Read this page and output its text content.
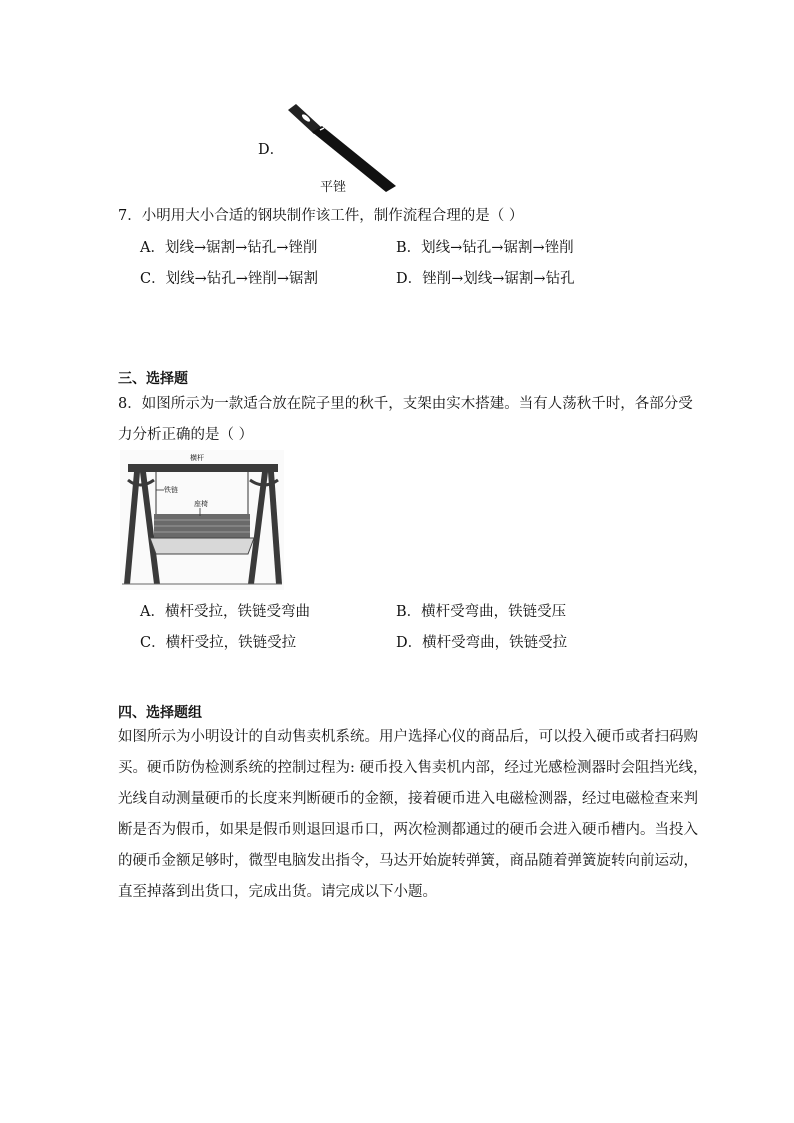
D．
平锉
7．小明用大小合适的钢块制作该工件，制作流程合理的是（ ）
A．划线→锯割→钻孔→锉削	B．划线→钻孔→锯割→锉削
C．划线→钻孔→锉削→锯割	D．锉削→划线→锯割→钻孔
三、选择题
8．如图所示为一款适合放在院子里的秋千，支架由实木搭建。当有人荡秋千时，各部分受
力分析正确的是（ ）
横杆
铁链
座椅
A．横杆受拉，铁链受弯曲	B．横杆受弯曲，铁链受压
C．横杆受拉，铁链受拉	D．横杆受弯曲，铁链受拉
四、选择题组
如图所示为小明设计的自动售卖机系统。用户选择心仪的商品后，可以投入硬币或者扫码购
买。硬币防伪检测系统的控制过程为: 硬币投入售卖机内部，经过光感检测器时会阻挡光线，
光线自动测量硬币的长度来判断硬币的金额，接着硬币进入电磁检测器，经过电磁检查来判
断是否为假币，如果是假币则退回退币口，两次检测都通过的硬币会进入硬币槽内。当投入
的硬币金额足够时，微型电脑发出指令，马达开始旋转弹簧，商品随着弹簧旋转向前运动，
直至掉落到出货口，完成出货。请完成以下小题。
